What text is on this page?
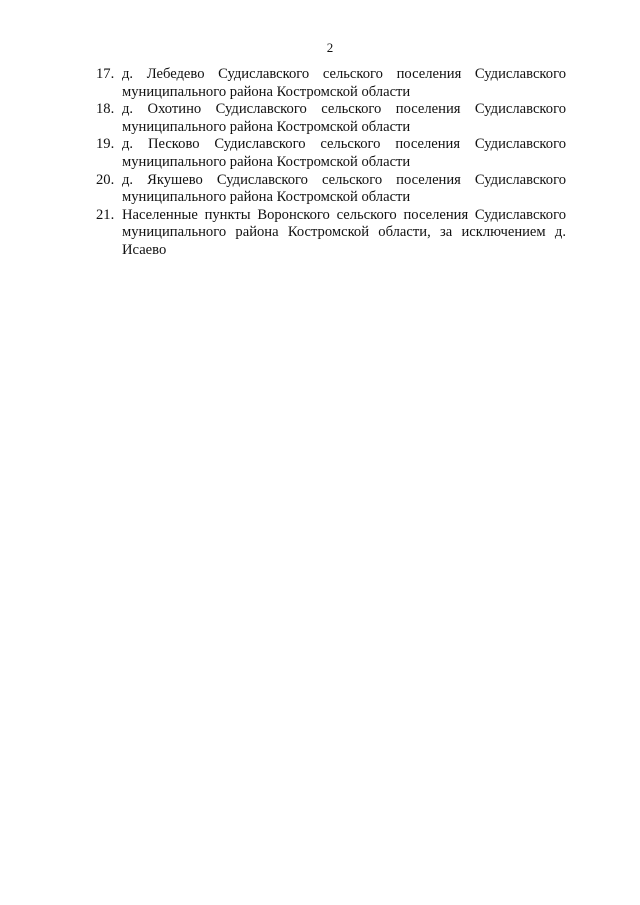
2
17. д. Лебедево Судиславского сельского поселения Судиславского муниципального района Костромской области
18. д. Охотино Судиславского сельского поселения Судиславского муниципального района Костромской области
19. д. Песково Судиславского сельского поселения Судиславского муниципального района Костромской области
20. д. Якушево Судиславского сельского поселения Судиславского муниципального района Костромской области
21. Населенные пункты Воронского сельского поселения Судиславского муниципального района Костромской области, за исключением д. Исаево
